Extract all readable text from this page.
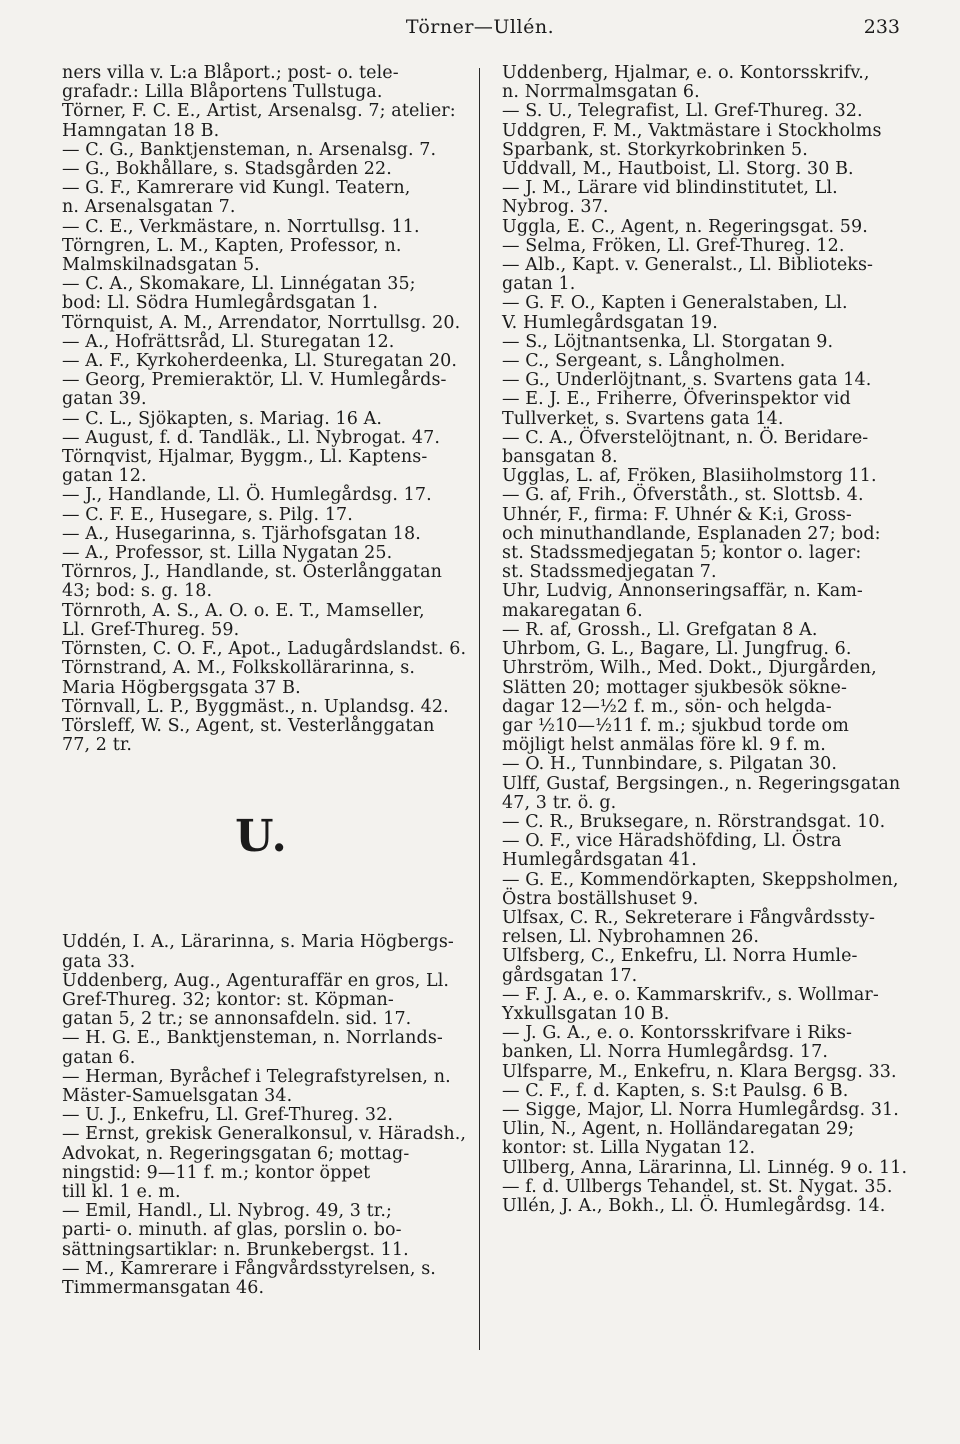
Törner—Ullén.	233
ners villa v. L:a Blåport.; post- o. tele-
grafadr.: Lilla Blåportens Tullstuga.
Törner, F. C. E., Artist, Arsenalsg. 7; atelier:
Hamngatan 18 B.
— C. G., Banktjensteman, n. Arsenalsg. 7.
— G., Bokhållare, s. Stadsgården 22.
— G. F., Kamrerare vid Kungl. Teatern,
n. Arsenalsgatan 7.
— C. E., Verkmästare, n. Norrtullsg. 11.
Törngren, L. M., Kapten, Professor, n.
Malmskilnadsgatan 5.
— C. A., Skomakare, Ll. Linnégatan 35;
bod: Ll. Södra Humlegårdsgatan 1.
Törnquist, A. M., Arrendator, Norrtullsg. 20.
— A., Hofrättsråd, Ll. Sturegatan 12.
— A. F., Kyrkoherdeenka, Ll. Sturegatan 20.
— Georg, Premieraktör, Ll. V. Humlegårds-
gatan 39.
— C. L., Sjökapten, s. Mariag. 16 A.
— August, f. d. Tandläk., Ll. Nybrogat. 47.
Törnqvist, Hjalmar, Byggm., Ll. Kaptens-
gatan 12.
— J., Handlande, Ll. Ö. Humlegårdsg. 17.
— C. F. E., Husegare, s. Pilg. 17.
— A., Husegarinna, s. Tjärhofsgatan 18.
— A., Professor, st. Lilla Nygatan 25.
Törnros, J., Handlande, st. Österlånggatan
43; bod: s. g. 18.
Törnroth, A. S., A. O. o. E. T., Mamseller,
Ll. Gref-Thureg. 59.
Törnsten, C. O. F., Apot., Ladugårdslandst. 6.
Törnstrand, A. M., Folkskollärarinna, s.
Maria Högbergsgata 37 B.
Törnvall, L. P., Byggmäst., n. Uplandsg. 42.
Törsleff, W. S., Agent, st. Vesterlånggatan
77, 2 tr.
U.
Uddén, I. A., Lärarinna, s. Maria Högbergs-
gata 33.
Uddenberg, Aug., Agenturaffär en gros, Ll.
Gref-Thureg. 32; kontor: st. Köpman-
gatan 5, 2 tr.; se annonsafdeln. sid. 17.
— H. G. E., Banktjensteman, n. Norrlands-
gatan 6.
— Herman, Byråchef i Telegrafstyrelsen, n.
Mäster-Samuelsgatan 34.
— U. J., Enkefru, Ll. Gref-Thureg. 32.
— Ernst, grekisk Generalkonsul, v. Häradsh.,
Advokat, n. Regeringsgatan 6; mottag-
ningstid: 9—11 f. m.; kontor öppet
till kl. 1 e. m.
— Emil, Handl., Ll. Nybrog. 49, 3 tr.;
parti- o. minuth. af glas, porslin o. bo-
sättningsartiklar: n. Brunkebergst. 11.
— M., Kamrerare i Fångvårdsstyrelsen, s.
Timmermansgatan 46.
Uddenberg, Hjalmar, e. o. Kontorsskrifv.,
n. Norrmalmsgatan 6.
— S. U., Telegrafist, Ll. Gref-Thureg. 32.
Uddgren, F. M., Vaktmästare i Stockholms
Sparbank, st. Storkyrkobrinken 5.
Uddvall, M., Hautboist, Ll. Storg. 30 B.
— J. M., Lärare vid blindinstitutet, Ll.
Nybrog. 37.
Uggla, E. C., Agent, n. Regeringsgat. 59.
— Selma, Fröken, Ll. Gref-Thureg. 12.
— Alb., Kapt. v. Generalst., Ll. Biblioteks-
gatan 1.
— G. F. O., Kapten i Generalstaben, Ll.
V. Humlegårdsgatan 19.
— S., Löjtnantsenka, Ll. Storgatan 9.
— C., Sergeant, s. Långholmen.
— G., Underlöjtnant, s. Svartens gata 14.
— E. J. E., Friherre, Öfverinspektor vid
Tullverket, s. Svartens gata 14.
— C. A., Öfverstelöjtnant, n. Ö. Beridare-
bansgatan 8.
Ugglas, L. af, Fröken, Blasiiholmstorg 11.
— G. af, Frih., Öfverståth., st. Slottsb. 4.
Uhnér, F., firma: F. Uhnér & K:i, Gross-
och minuthandlande, Esplanaden 27; bod:
st. Stadssmedjegatan 5; kontor o. lager:
st. Stadssmedjegatan 7.
Uhr, Ludvig, Annonseringsaffär, n. Kam-
makaregatan 6.
— R. af, Grossh., Ll. Grefgatan 8 A.
Uhrbom, G. L., Bagare, Ll. Jungfrug. 6.
Uhrström, Wilh., Med. Dokt., Djurgården,
Slätten 20; mottager sjukbesök sökne-
dagar 12—½2 f. m., sön- och helgda-
gar ½10—½11 f. m.; sjukbud torde om
möjligt helst anmälas före kl. 9 f. m.
— O. H., Tunnbindare, s. Pilgatan 30.
Ulff, Gustaf, Bergsingen., n. Regeringsgatan
47, 3 tr. ö. g.
— C. R., Bruksegare, n. Rörstrandsgat. 10.
— O. F., vice Häradshöfding, Ll. Östra
Humlegårdsgatan 41.
— G. E., Kommendörkapten, Skeppsholmen,
Östra boställshuset 9.
Ulfsax, C. R., Sekreterare i Fångvårdssty-
relsen, Ll. Nybrohamnen 26.
Ulfsberg, C., Enkefru, Ll. Norra Humle-
gårdsgatan 17.
— F. J. A., e. o. Kammarskrifv., s. Wollmar-
Yxkullsgatan 10 B.
— J. G. A., e. o. Kontorsskrifvare i Riks-
banken, Ll. Norra Humlegårdsg. 17.
Ulfsparre, M., Enkefru, n. Klara Bergsg. 33.
— C. F., f. d. Kapten, s. S:t Paulsg. 6 B.
— Sigge, Major, Ll. Norra Humlegårdsg. 31.
Ulin, N., Agent, n. Holländaregatan 29;
kontor: st. Lilla Nygatan 12.
Ullberg, Anna, Lärarinna, Ll. Linnég. 9 o. 11.
— f. d. Ullbergs Tehandel, st. St. Nygat. 35.
Ullén, J. A., Bokh., Ll. Ö. Humlegårdsg. 14.
